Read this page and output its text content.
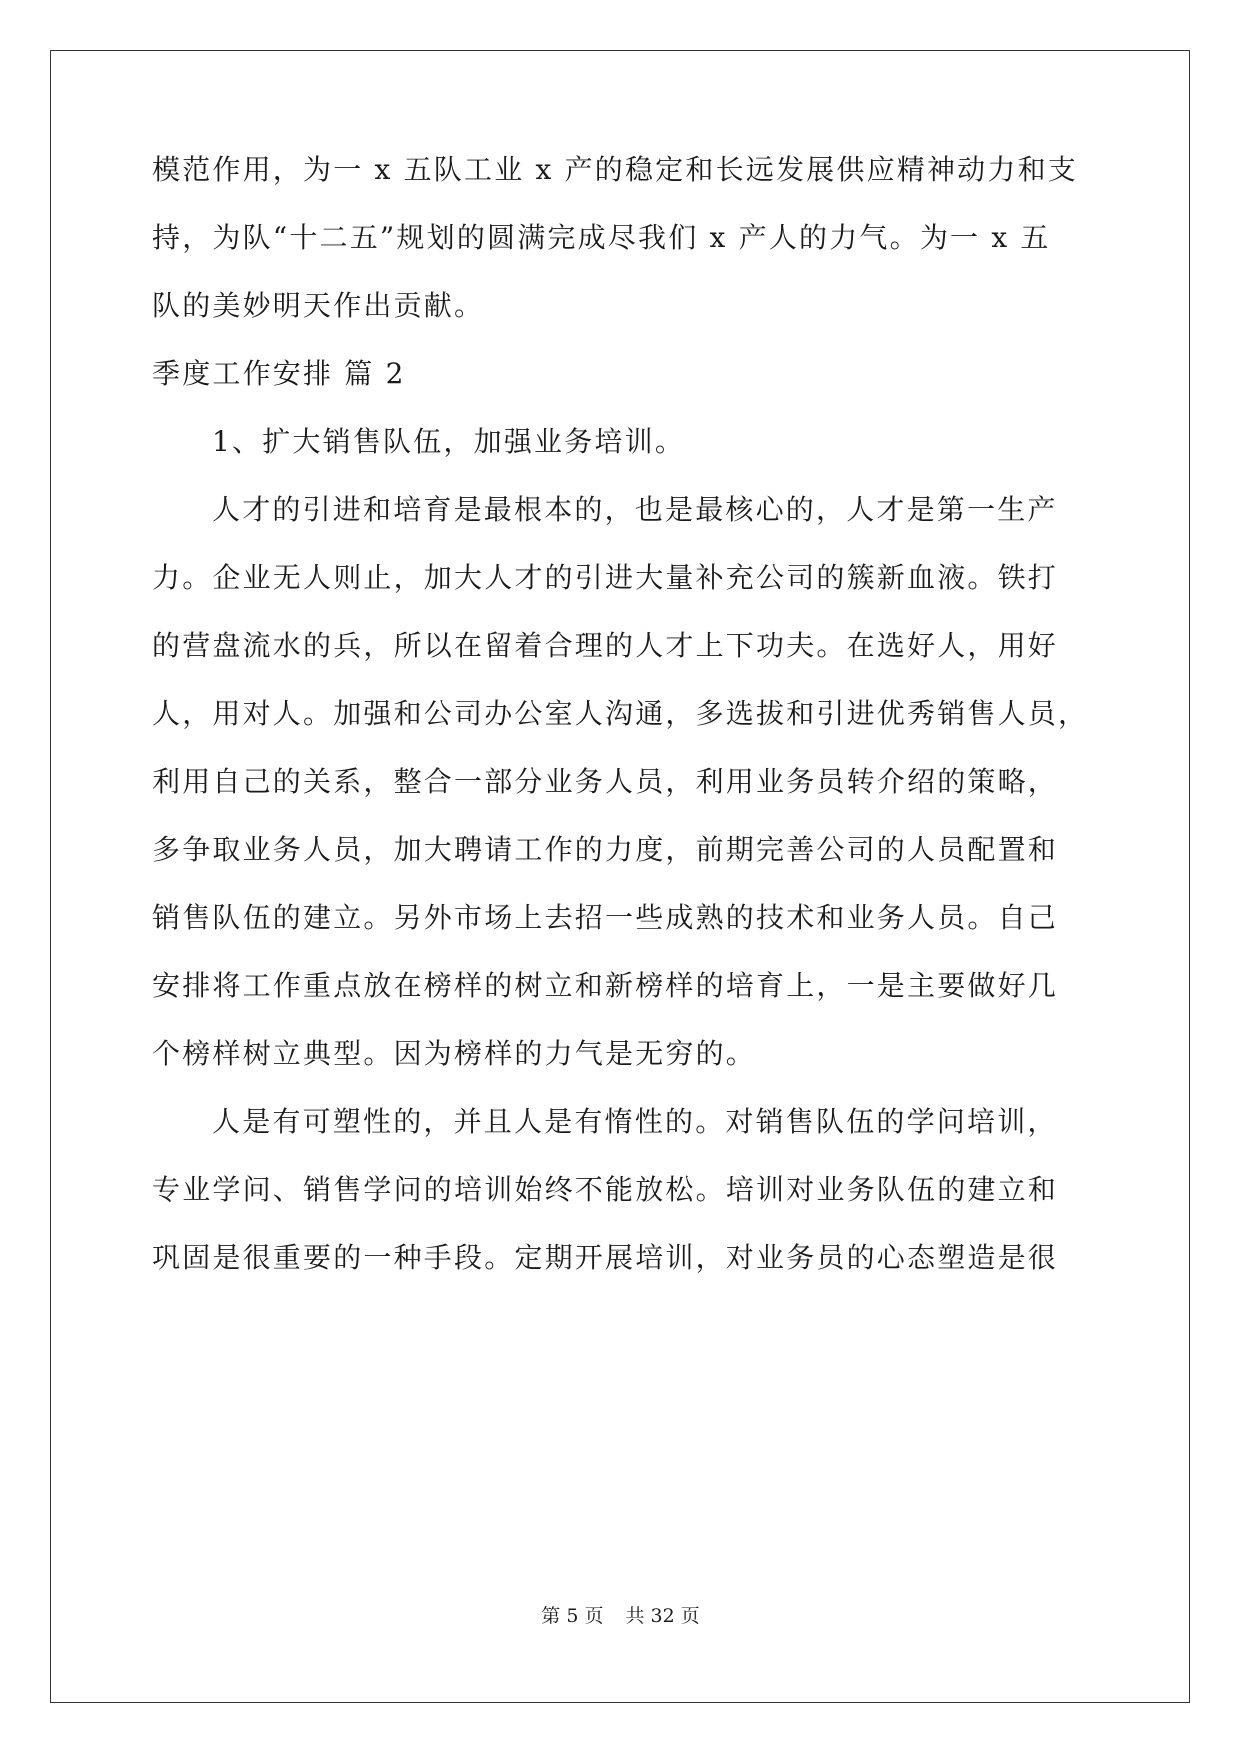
模范作用，为一 x 五队工业 x 产的稳定和长远发展供应精神动力和支
持，为队“十二五”规划的圆满完成尽我们 x 产人的力气。为一 x 五
队的美妙明天作出贡献。
季度工作安排 篇 2
1、扩大销售队伍，加强业务培训。
人才的引进和培育是最根本的，也是最核心的，人才是第一生产
力。企业无人则止，加大人才的引进大量补充公司的簇新血液。铁打
的营盘流水的兵，所以在留着合理的人才上下功夫。在选好人，用好
人，用对人。加强和公司办公室人沟通，多选拔和引进优秀销售人员，
利用自己的关系，整合一部分业务人员，利用业务员转介绍的策略，
多争取业务人员，加大聘请工作的力度，前期完善公司的人员配置和
销售队伍的建立。另外市场上去招一些成熟的技术和业务人员。自己
安排将工作重点放在榜样的树立和新榜样的培育上，一是主要做好几
个榜样树立典型。因为榜样的力气是无穷的。
人是有可塑性的，并且人是有惰性的。对销售队伍的学问培训，
专业学问、销售学问的培训始终不能放松。培训对业务队伍的建立和
巩固是很重要的一种手段。定期开展培训，对业务员的心态塑造是很
第 5 页 共 32 页
